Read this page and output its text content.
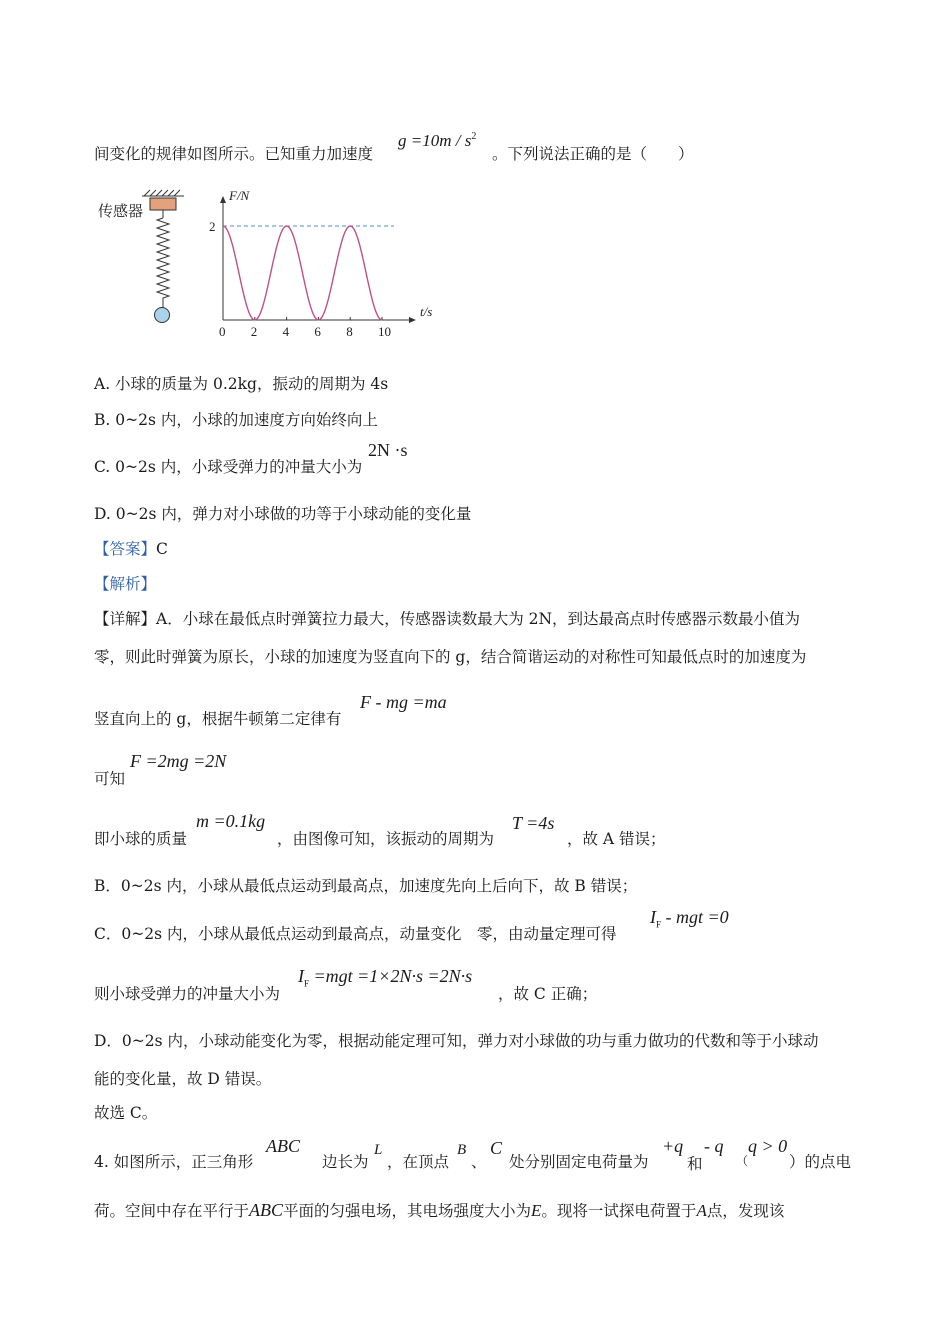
间变化的规律如图所示。已知重力加速度
$g =10m / s^2$
。下列说法正确的是（　　）
传感器
0 2 4 6 8 10
F/N
t/s
2
A. 小球的质量为 0.2kg，振动的周期为 4s
B. 0~2s 内，小球的加速度方向始终向上
C. 0~2s 内，小球受弹力的冲量大小为
2N ·s
D. 0~2s 内，弹力对小球做的功等于小球动能的变化量
【答案】C
【解析】
【详解】A．小球在最低点时弹簧拉力最大，传感器读数最大为 2N，到达最高点时传感器示数最小值为
零，则此时弹簧为原长，小球的加速度为竖直向下的 g，结合简谐运动的对称性可知最低点时的加速度为
竖直向上的 g，根据牛顿第二定律有
F - mg =ma
可知
F =2mg =2N
即小球的质量
m =0.1kg
，由图像可知，该振动的周期为
T =4s
，故 A 错误；
B．0~2s 内，小球从最低点运动到最高点，加速度先向上后向下，故 B 错误；
C．0~2s 内，小球从最低点运动到最高点，动量变化　零，由动量定理可得
$I_F$ - mgt =0
则小球受弹力的冲量大小为
$I_F =mgt =1\times 2N\cdot s =2N\cdot s$
，故 C 正确；
D．0~2s 内，小球动能变化为零，根据动能定理可知，弹力对小球做的功与重力做功的代数和等于小球动
能的变化量，故 D 错误。
故选 C。
4. 如图所示，正三角形
ABC
边长为
L
，在顶点
B
、
C
处分别固定电荷量为
+q
和
- q
（
q > 0
）的点电
荷。空间中存在平行于ABC平面的匀强电场，其电场强度大小为E。现将一试探电荷置于A点，发现该
